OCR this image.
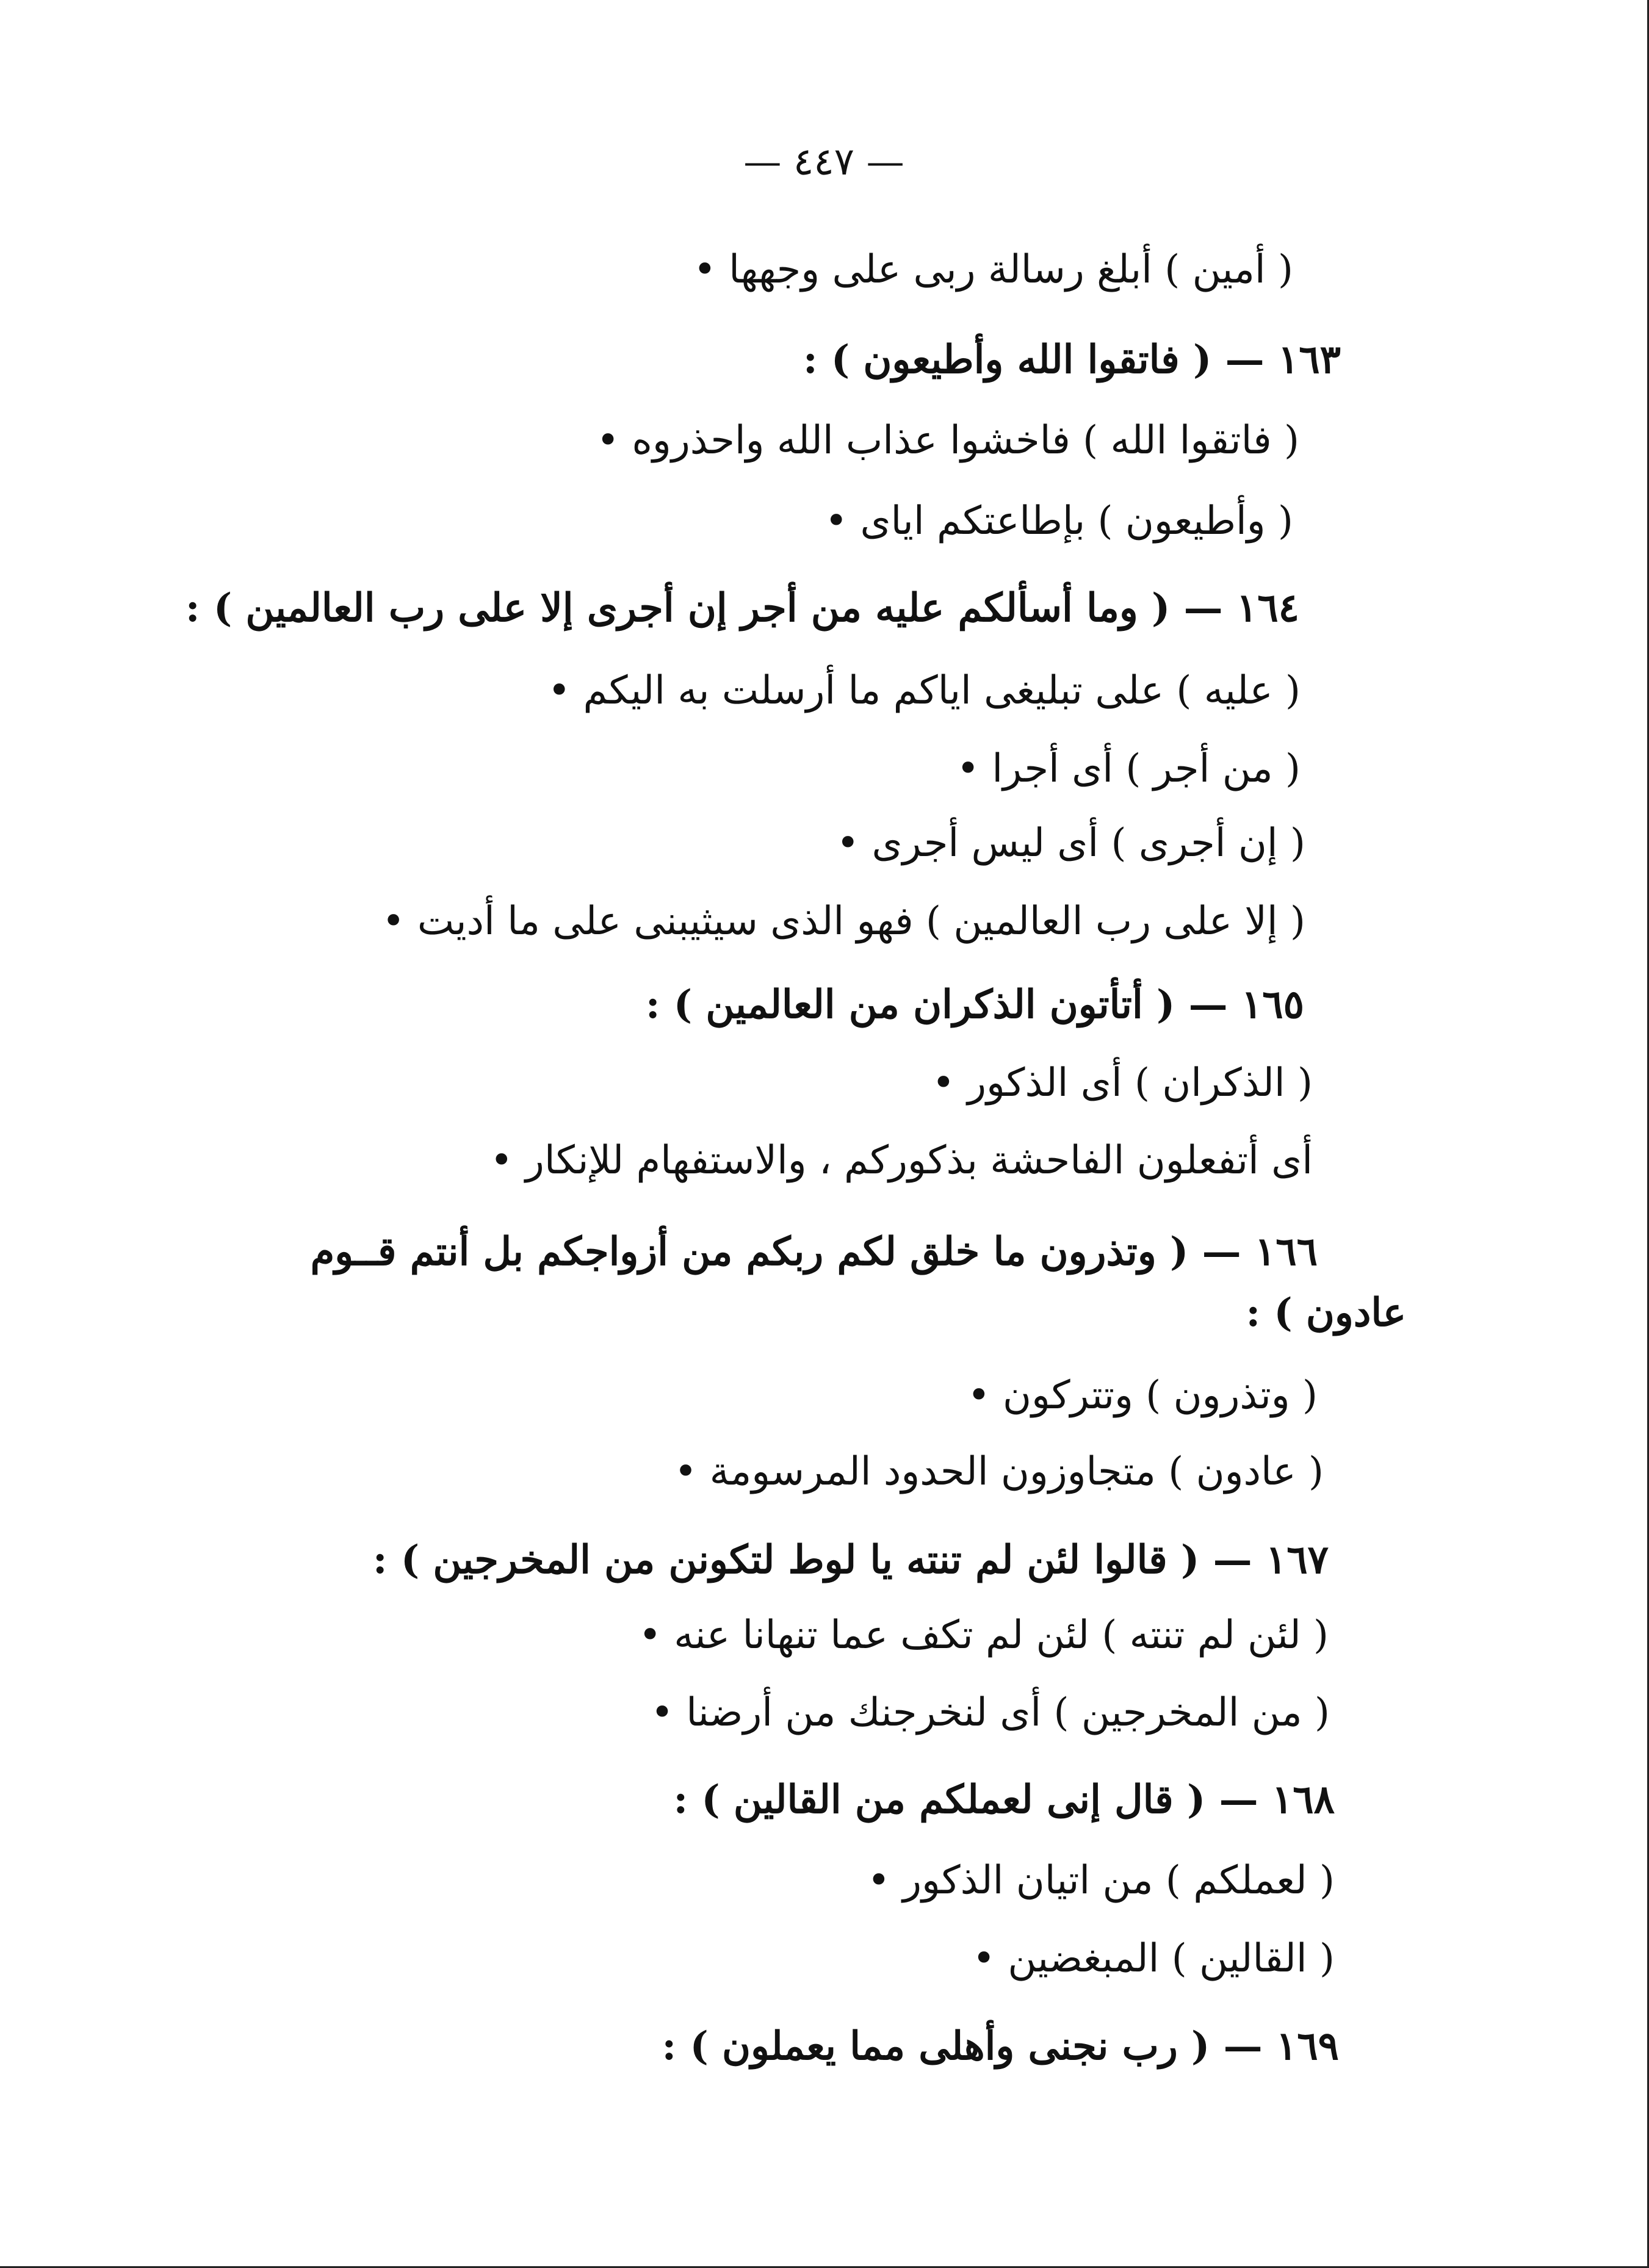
— ٤٤٧ —
( أمين ) أبلغ رسالة ربى على وجهها •
١٦٣ — ( فاتقوا الله وأطيعون ) :
( فاتقوا الله ) فاخشوا عذاب الله واحذروه •
( وأطيعون ) بإطاعتكم اياى •
١٦٤ — ( وما أسألكم عليه من أجر إن أجرى إلا على رب العالمين ) :
( عليه ) على تبليغى اياكم ما أرسلت به اليكم •
( من أجر ) أى أجرا •
( إن أجرى ) أى ليس أجرى •
( إلا على رب العالمين ) فهو الذى سيثيبنى على ما أديت •
١٦٥ — ( أتأتون الذكران من العالمين ) :
( الذكران ) أى الذكور •
أى أتفعلون الفاحشة بذكوركم ، والاستفهام للإنكار •
١٦٦ — ( وتذرون ما خلق لكم ربكم من أزواجكم بل أنتم قــوم
عادون ) :
( وتذرون ) وتتركون •
( عادون ) متجاوزون الحدود المرسومة •
١٦٧ — ( قالوا لئن لم تنته يا لوط لتكونن من المخرجين ) :
( لئن لم تنته ) لئن لم تكف عما تنهانا عنه •
( من المخرجين ) أى لنخرجنك من أرضنا •
١٦٨ — ( قال إنى لعملكم من القالين ) :
( لعملكم ) من اتيان الذكور •
( القالين ) المبغضين •
١٦٩ — ( رب نجنى وأهلى مما يعملون ) :
